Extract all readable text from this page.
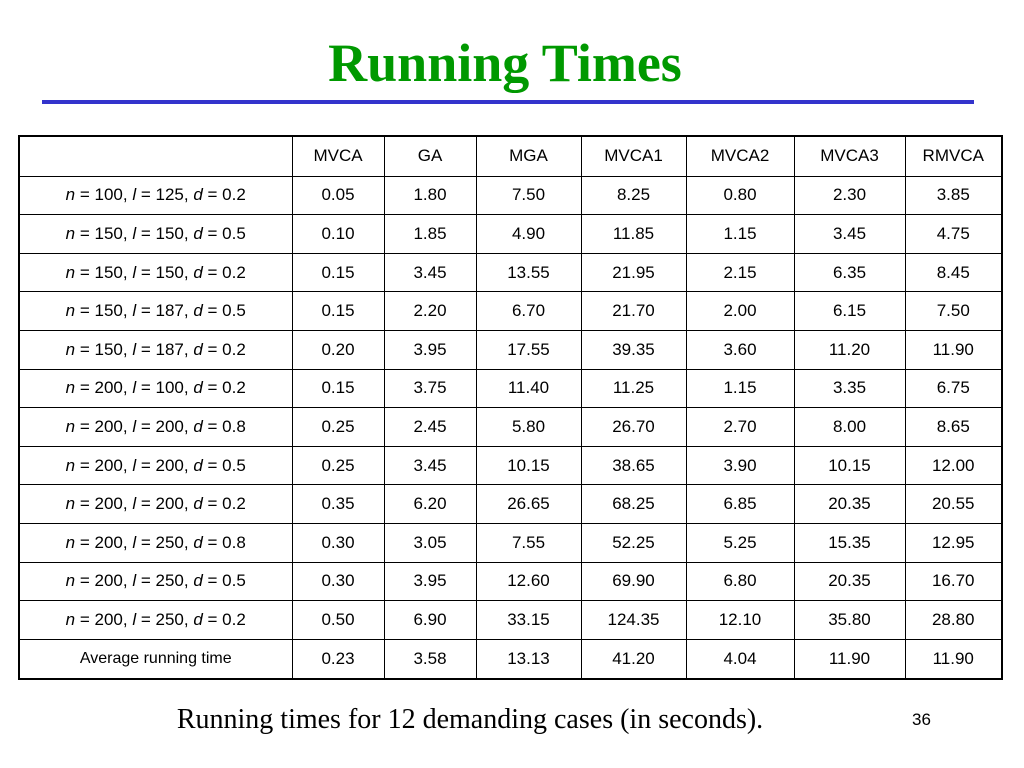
Running Times
	MVCA	GA	MGA	MVCA1	MVCA2	MVCA3	RMVCA
n = 100, l = 125, d = 0.2	0.05	1.80	7.50	8.25	0.80	2.30	3.85
n = 150, l = 150, d = 0.5	0.10	1.85	4.90	11.85	1.15	3.45	4.75
n = 150, l = 150, d = 0.2	0.15	3.45	13.55	21.95	2.15	6.35	8.45
n = 150, l = 187, d = 0.5	0.15	2.20	6.70	21.70	2.00	6.15	7.50
n = 150, l = 187, d = 0.2	0.20	3.95	17.55	39.35	3.60	11.20	11.90
n = 200, l = 100, d = 0.2	0.15	3.75	11.40	11.25	1.15	3.35	6.75
n = 200, l = 200, d = 0.8	0.25	2.45	5.80	26.70	2.70	8.00	8.65
n = 200, l = 200, d = 0.5	0.25	3.45	10.15	38.65	3.90	10.15	12.00
n = 200, l = 200, d = 0.2	0.35	6.20	26.65	68.25	6.85	20.35	20.55
n = 200, l = 250, d = 0.8	0.30	3.05	7.55	52.25	5.25	15.35	12.95
n = 200, l = 250, d = 0.5	0.30	3.95	12.60	69.90	6.80	20.35	16.70
n = 200, l = 250, d = 0.2	0.50	6.90	33.15	124.35	12.10	35.80	28.80
Average running time	0.23	3.58	13.13	41.20	4.04	11.90	11.90
Running times for 12 demanding cases (in seconds).	36
